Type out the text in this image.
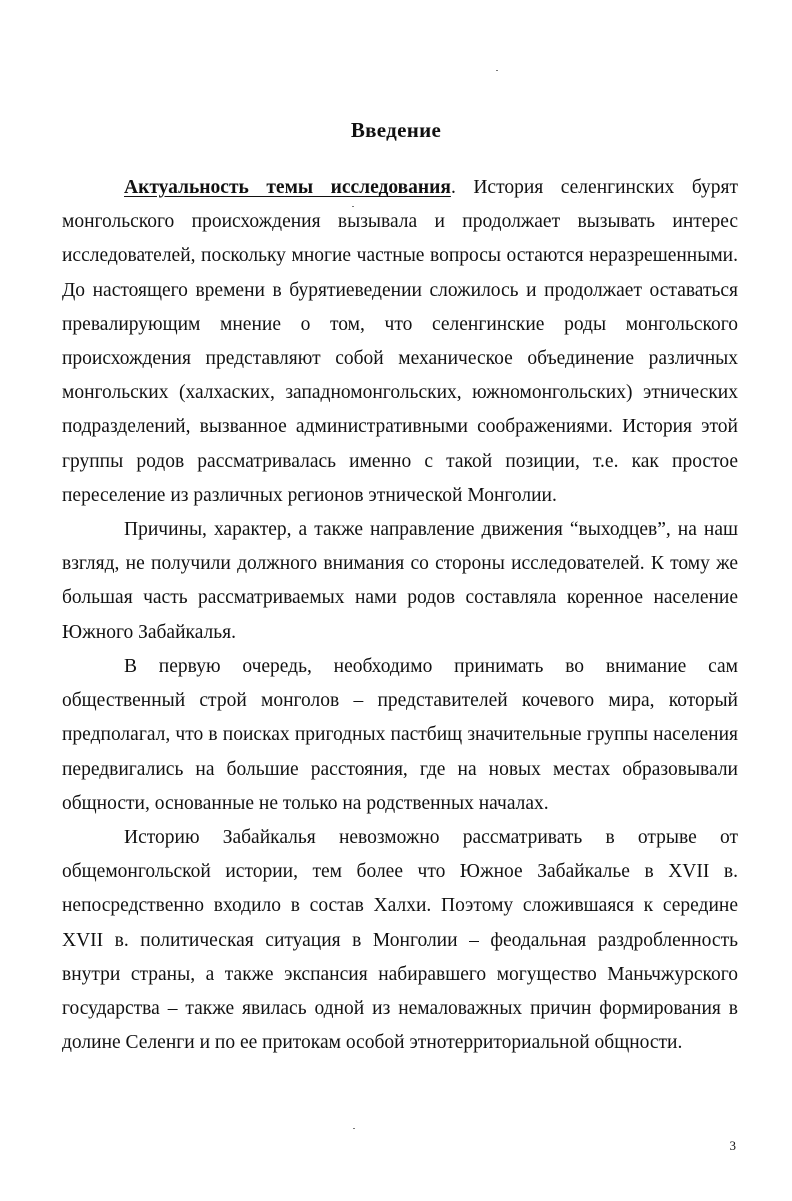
Введение

Актуальность темы исследования. История селенгинских бурят монгольского происхождения вызывала и продолжает вызывать интерес исследователей, поскольку многие частные вопросы остаются неразрешенными. До настоящего времени в бурятиеведении сложилось и продолжает оставаться превалирующим мнение о том, что селенгинские роды монгольского происхождения представляют собой механическое объединение различных монгольских (халхаских, западномонгольских, южномонгольских) этнических подразделений, вызванное административными соображениями. История этой группы родов рассматривалась именно с такой позиции, т.е. как простое переселение из различных регионов этнической Монголии.

Причины, характер, а также направление движения “выходцев”, на наш взгляд, не получили должного внимания со стороны исследователей. К тому же большая часть рассматриваемых нами родов составляла коренное население Южного Забайкалья.

В первую очередь, необходимо принимать во внимание сам общественный строй монголов – представителей кочевого мира, который предполагал, что в поисках пригодных пастбищ значительные группы населения передвигались на большие расстояния, где на новых местах образовывали общности, основанные не только на родственных началах.

Историю Забайкалья невозможно рассматривать в отрыве от общемонгольской истории, тем более что Южное Забайкалье в XVII в. непосредственно входило в состав Халхи. Поэтому сложившаяся к середине XVII в. политическая ситуация в Монголии – феодальная раздробленность внутри страны, а также экспансия набиравшего могущество Маньчжурского государства – также явилась одной из немаловажных причин формирования в долине Селенги и по ее притокам особой этнотерриториальной общности.

3
